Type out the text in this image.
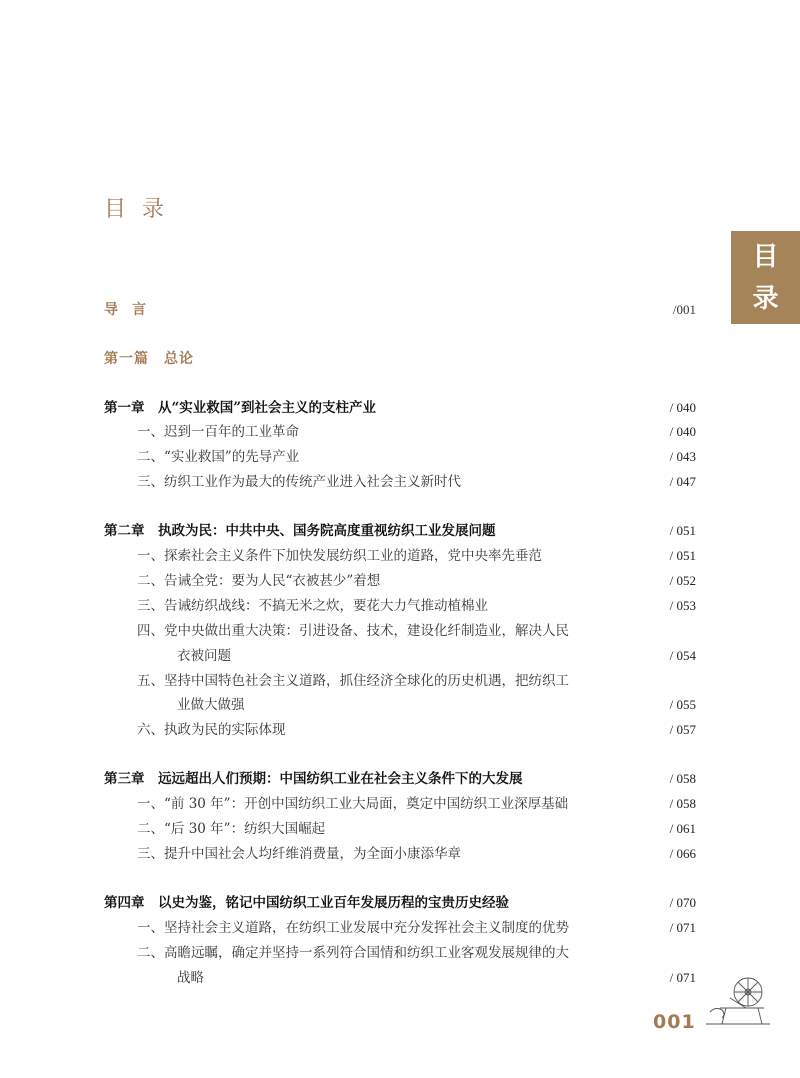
目录
目
录
导言	/001
第一篇　总论
第一章　从“实业救国”到社会主义的支柱产业	/ 040
一、迟到一百年的工业革命	/ 040
二、“实业救国”的先导产业	/ 043
三、纺织工业作为最大的传统产业进入社会主义新时代	/ 047
第二章　执政为民：中共中央、国务院高度重视纺织工业发展问题	/ 051
一、探索社会主义条件下加快发展纺织工业的道路，党中央率先垂范	/ 051
二、告诫全党：要为人民“衣被甚少”着想	/ 052
三、告诫纺织战线：不搞无米之炊，要花大力气推动植棉业	/ 053
四、党中央做出重大决策：引进设备、技术，建设化纤制造业，解决人民
衣被问题	/ 054
五、坚持中国特色社会主义道路，抓住经济全球化的历史机遇，把纺织工
业做大做强	/ 055
六、执政为民的实际体现	/ 057
第三章　远远超出人们预期：中国纺织工业在社会主义条件下的大发展	/ 058
一、“前 30 年”：开创中国纺织工业大局面，奠定中国纺织工业深厚基础	/ 058
二、“后 30 年”：纺织大国崛起	/ 061
三、提升中国社会人均纤维消费量，为全面小康添华章	/ 066
第四章　以史为鉴，铭记中国纺织工业百年发展历程的宝贵历史经验	/ 070
一、坚持社会主义道路，在纺织工业发展中充分发挥社会主义制度的优势	/ 071
二、高瞻远瞩，确定并坚持一系列符合国情和纺织工业客观发展规律的大
战略	/ 071
001
